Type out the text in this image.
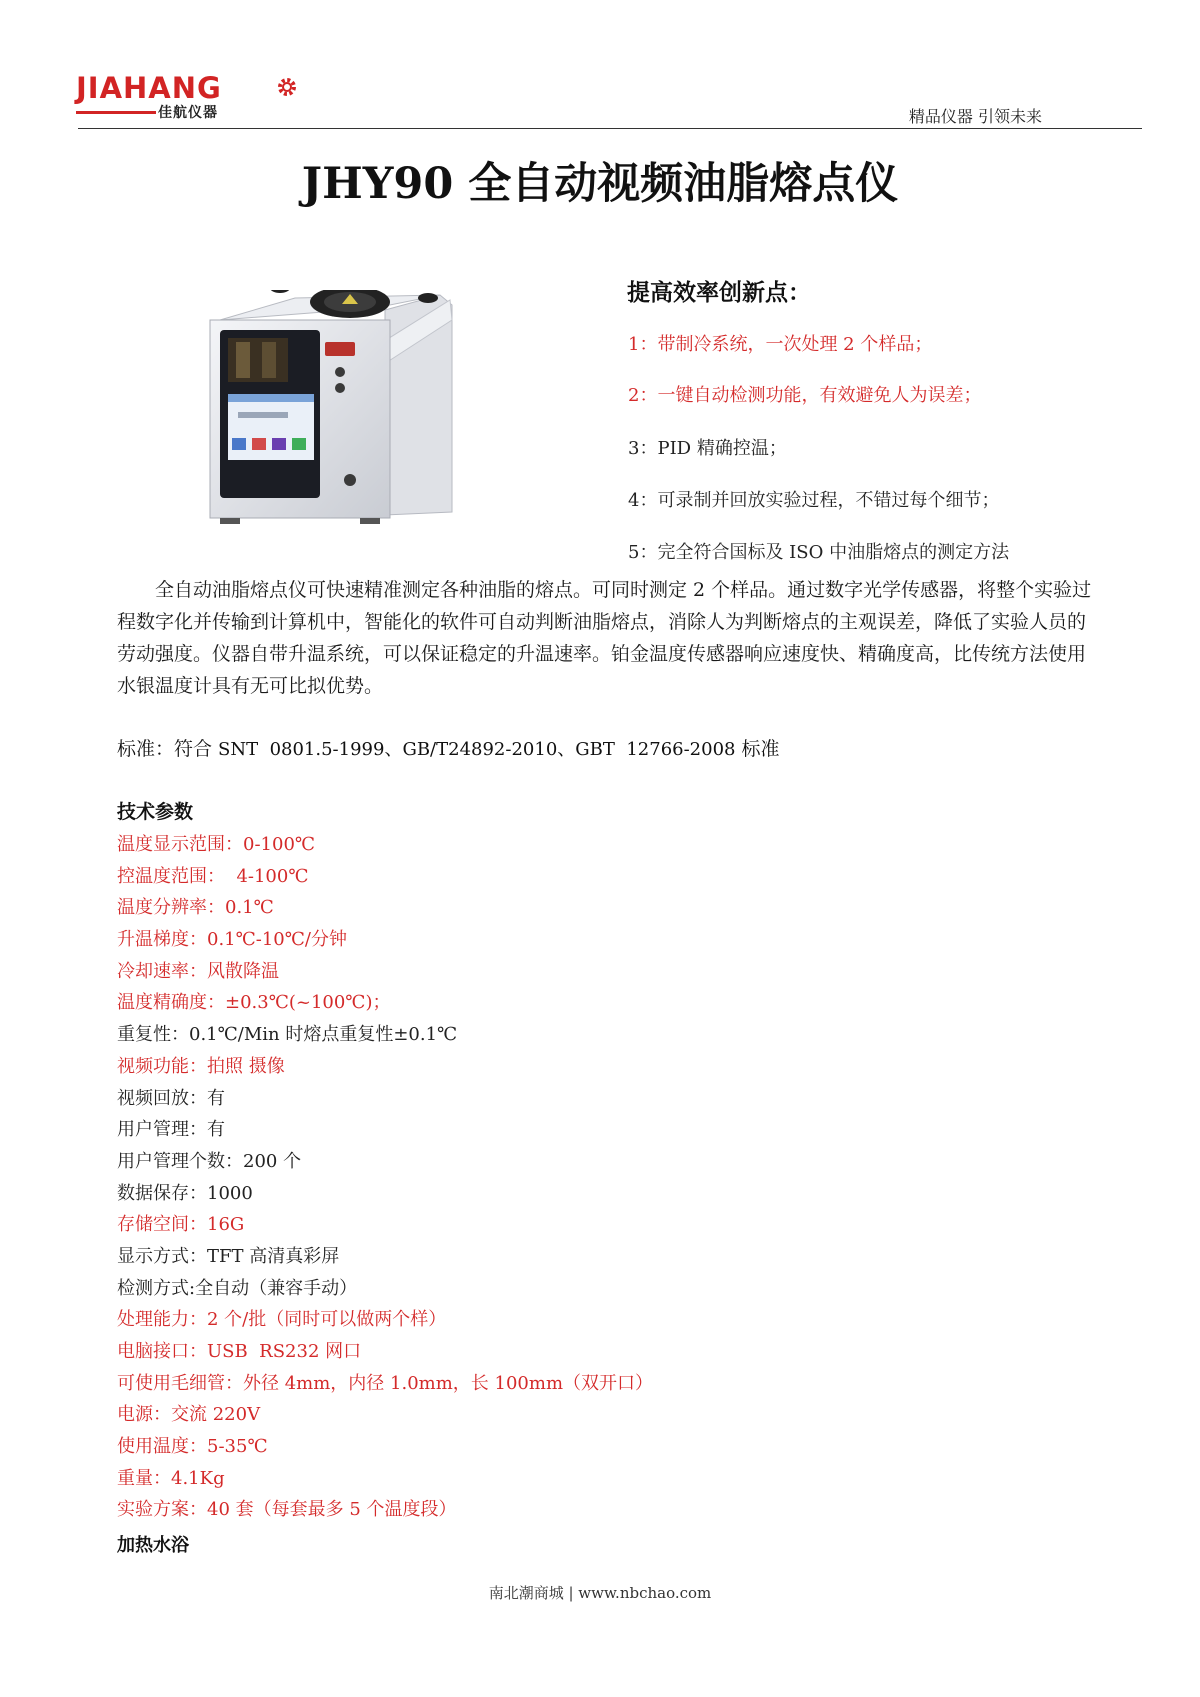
JIAHANG
佳航仪器	精品仪器 引领未来
JHY90 全自动视频油脂熔点仪
提高效率创新点：
1：带制冷系统，一次处理 2 个样品；
2：一键自动检测功能，有效避免人为误差；
3：PID 精确控温；
4：可录制并回放实验过程，不错过每个细节；
5：完全符合国标及 ISO 中油脂熔点的测定方法
全自动油脂熔点仪可快速精准测定各种油脂的熔点。可同时测定 2 个样品。通过数字光学传感器，将整个实验过程数字化并传输到计算机中，智能化的软件可自动判断油脂熔点，消除人为判断熔点的主观误差，降低了实验人员的劳动强度。仪器自带升温系统，可以保证稳定的升温速率。铂金温度传感器响应速度快、精确度高，比传统方法使用水银温度计具有无可比拟优势。
标准：符合 SNT  0801.5-1999、GB/T24892-2010、GBT  12766-2008 标准
技术参数
温度显示范围：0-100℃
控温度范围：  4-100℃
温度分辨率：0.1℃
升温梯度：0.1℃-10℃/分钟
冷却速率：风散降温
温度精确度：±0.3℃(~100℃)；
重复性：0.1℃/Min 时熔点重复性±0.1℃
视频功能：拍照 摄像
视频回放：有
用户管理：有
用户管理个数：200 个
数据保存：1000
存储空间：16G
显示方式：TFT 高清真彩屏
检测方式:全自动（兼容手动）
处理能力：2 个/批（同时可以做两个样）
电脑接口：USB  RS232 网口
可使用毛细管：外径 4mm，内径 1.0mm，长 100mm（双开口）
电源：交流 220V
使用温度：5-35℃
重量：4.1Kg
实验方案：40 套（每套最多 5 个温度段）
加热水浴
南北潮商城 | www.nbchao.com
